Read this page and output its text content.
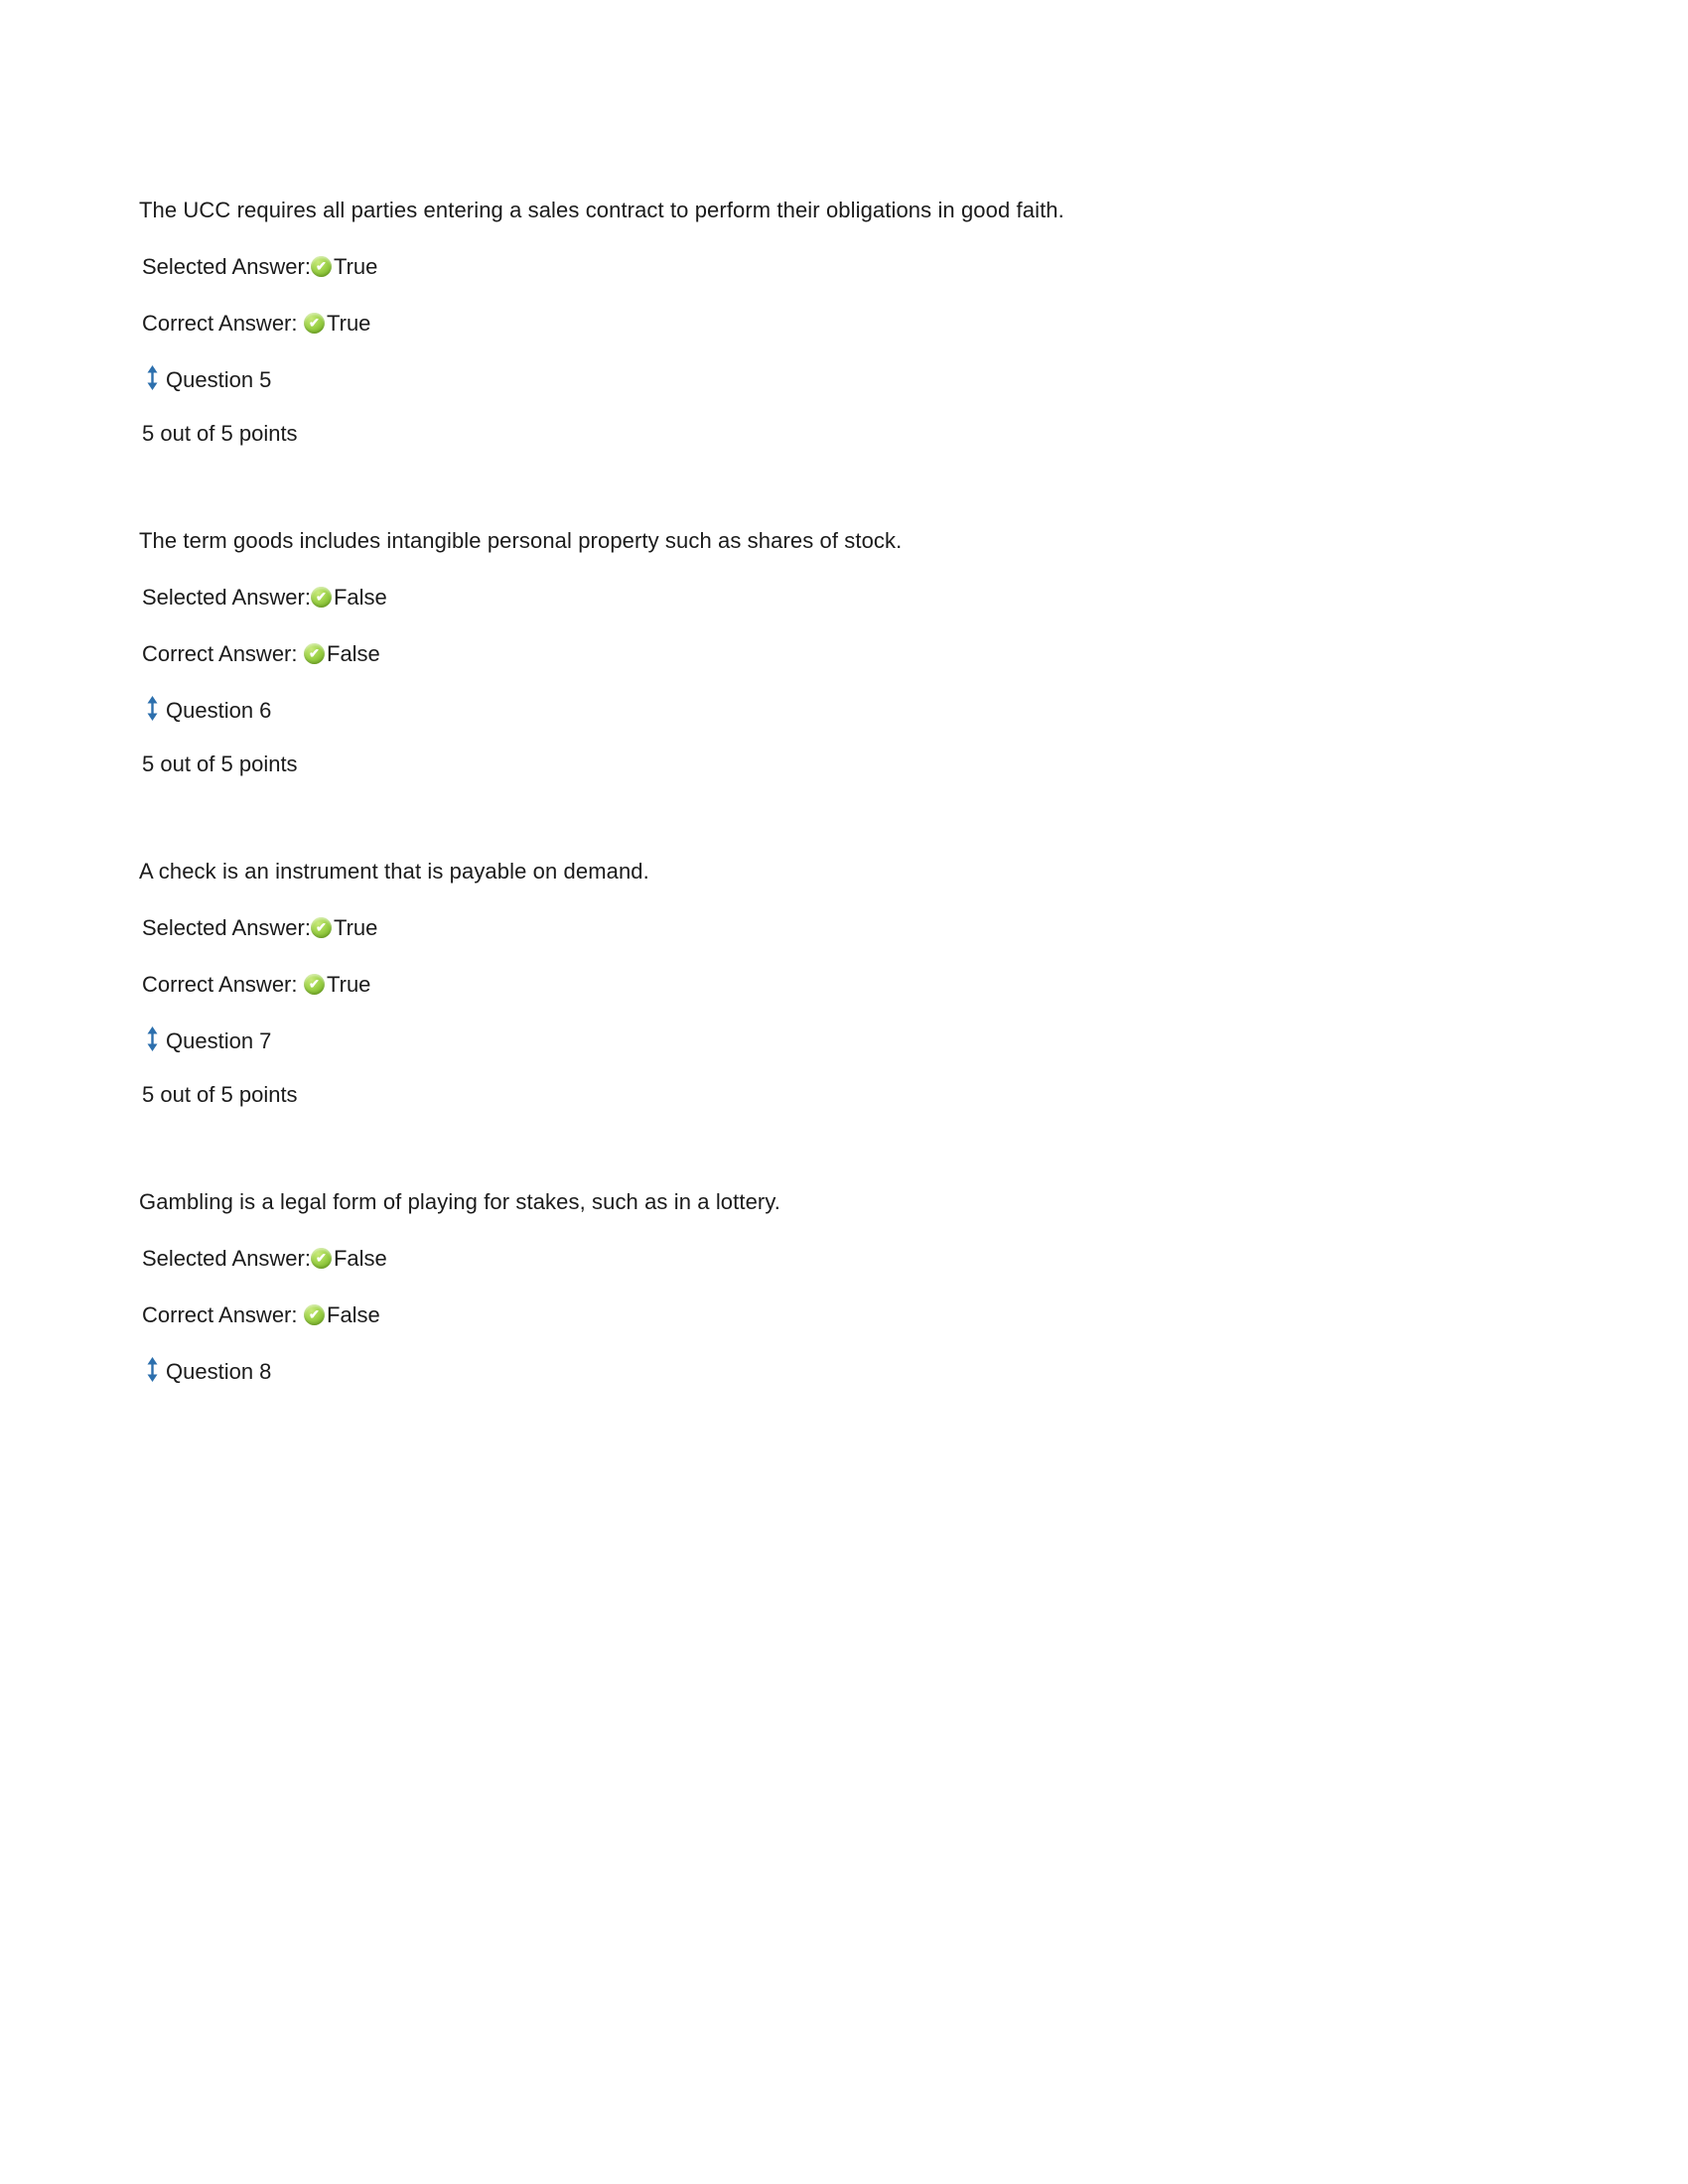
The UCC requires all parties entering a sales contract to perform their obligations in good faith.

Selected Answer: ✔ True
Correct Answer: ✔ True
Question 5

5 out of 5 points

The term goods includes intangible personal property such as shares of stock.

Selected Answer: ✔ False
Correct Answer: ✔ False
Question 6

5 out of 5 points

A check is an instrument that is payable on demand.

Selected Answer: ✔ True
Correct Answer: ✔ True
Question 7

5 out of 5 points

Gambling is a legal form of playing for stakes, such as in a lottery.

Selected Answer: ✔ False
Correct Answer: ✔ False
Question 8
